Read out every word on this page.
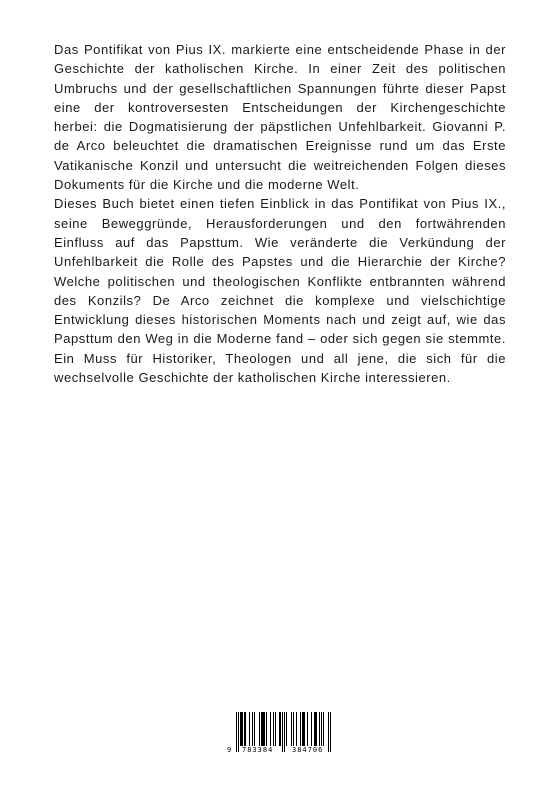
Das Pontifikat von Pius IX. markierte eine entscheidende Phase in der Geschichte der katholischen Kirche. In einer Zeit des politischen Umbruchs und der gesellschaftlichen Spannungen führte dieser Papst eine der kontroversesten Entscheidungen der Kirchengeschichte herbei: die Dogmatisierung der päpstlichen Unfehlbarkeit. Giovanni P. de Arco beleuchtet die dramatischen Ereignisse rund um das Erste Vatikanische Konzil und untersucht die weitreichenden Folgen dieses Dokuments für die Kirche und die moderne Welt.

Dieses Buch bietet einen tiefen Einblick in das Pontifikat von Pius IX., seine Beweggründe, Herausforderungen und den fortwährenden Einfluss auf das Papsttum. Wie veränderte die Verkündung der Unfehlbarkeit die Rolle des Papstes und die Hierarchie der Kirche? Welche politischen und theologischen Konflikte entbrannten während des Konzils? De Arco zeichnet die komplexe und vielschichtige Entwicklung dieses historischen Moments nach und zeigt auf, wie das Papsttum den Weg in die Moderne fand – oder sich gegen sie stemmte. Ein Muss für Historiker, Theologen und all jene, die sich für die wechselvolle Geschichte der katholischen Kirche interessieren.

9 783384	384706
